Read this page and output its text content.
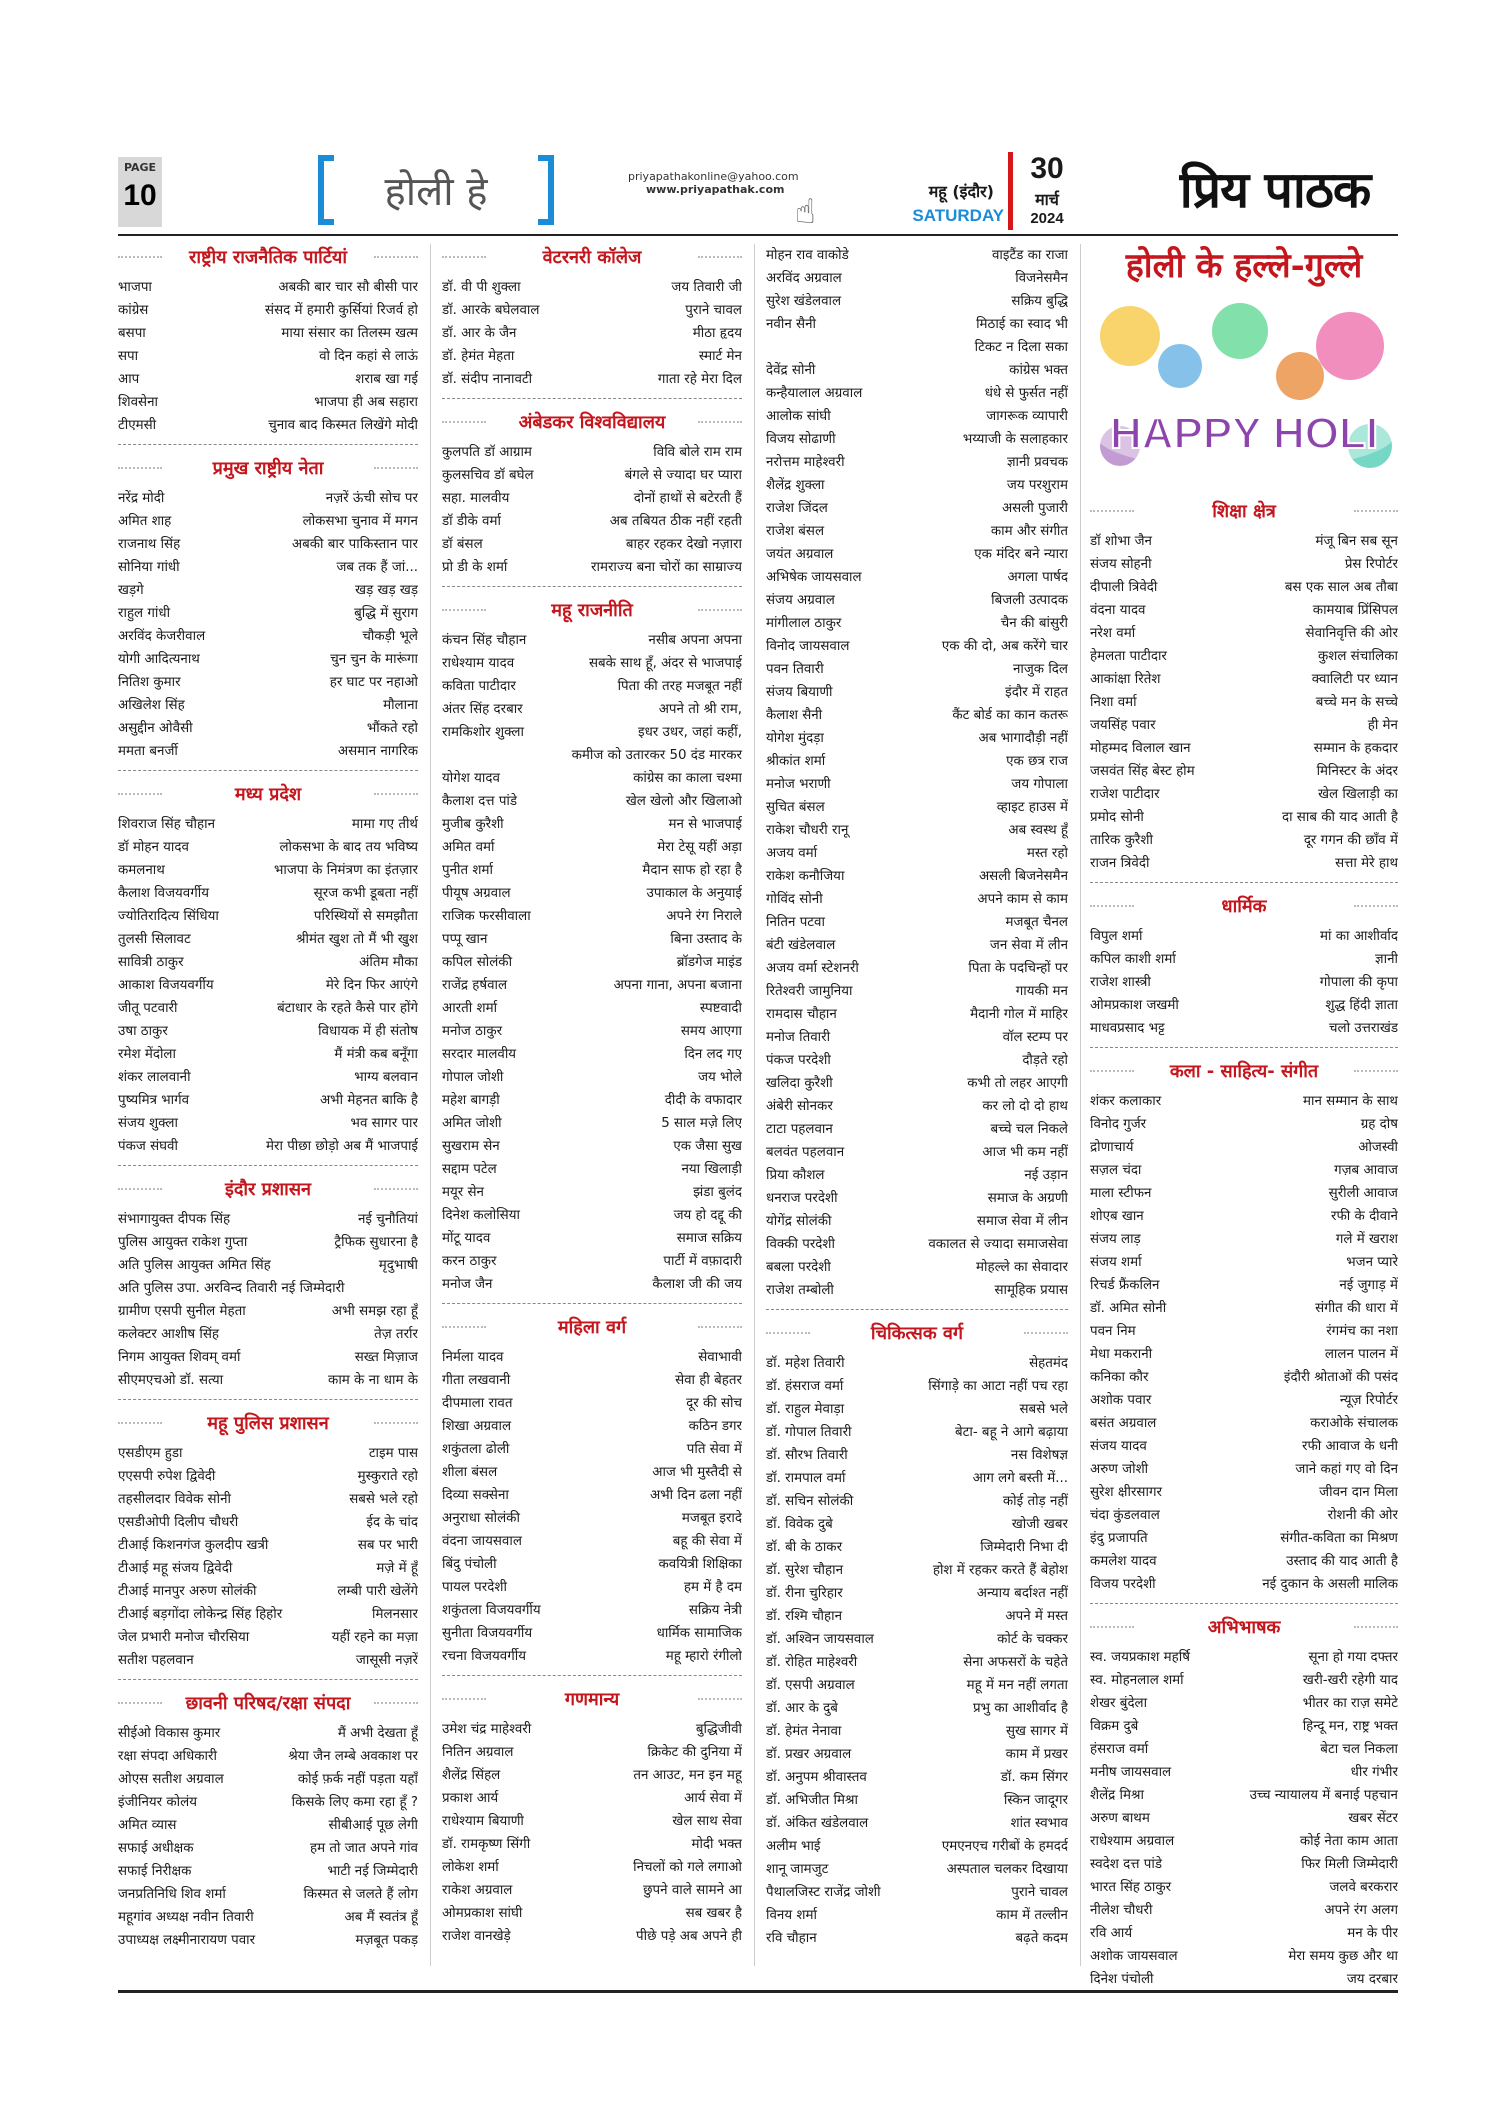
PAGE
10	होली हे	priyapathakonline@yahoo.com
www.priyapathak.com
☝
महू (इंदौर)
SATURDAY
30
मार्च
2024	प्रिय पाठक
राष्ट्रीय राजनैतिक पार्टियां
भाजपा	अबकी बार चार सौ बीसी पार
कांग्रेस	संसद में हमारी कुर्सियां रिजर्व हो
बसपा	माया संसार का तिलस्म खत्म
सपा	वो दिन कहां से लाऊं
आप	शराब खा गई
शिवसेना	भाजपा ही अब सहारा
टीएमसी	चुनाव बाद किस्मत लिखेंगे मोदी
प्रमुख राष्ट्रीय नेता
नरेंद्र मोदी	नज़रें ऊंची सोच पर
अमित शाह	लोकसभा चुनाव में मगन
राजनाथ सिंह	अबकी बार पाकिस्तान पार
सोनिया गांधी	जब तक हैं जां...
खड़गे	खड़ खड़ खड़
राहुल गांधी	बुद्धि में सुराग
अरविंद केजरीवाल	चौकड़ी भूले
योगी आदित्यनाथ	चुन चुन के मारूंगा
नितिश कुमार	हर घाट पर नहाओ
अखिलेश सिंह	मौलाना
असुद्दीन ओवैसी	भौंकते रहो
ममता बनर्जी	असमान नागरिक
मध्य प्रदेश
शिवराज सिंह चौहान	मामा गए तीर्थ
डॉ मोहन यादव	लोकसभा के बाद तय भविष्य
कमलनाथ	भाजपा के निमंत्रण का इंतज़ार
कैलाश विजयवर्गीय	सूरज कभी डूबता नहीं
ज्योतिरादित्य सिंधिया	परिस्थियों से समझौता
तुलसी सिलावट	श्रीमंत खुश तो मैं भी खुश
सावित्री ठाकुर	अंतिम मौका
आकाश विजयवर्गीय	मेरे दिन फिर आएंगे
जीतू पटवारी	बंटाधार के रहते कैसे पार होंगे
उषा ठाकुर	विधायक में ही संतोष
रमेश मेंदोला	मैं मंत्री कब बनूँगा
शंकर लालवानी	भाग्य बलवान
पुष्यमित्र भार्गव	अभी मेहनत बाकि है
संजय शुक्ला	भव सागर पार
पंकज संघवी	मेरा पीछा छोड़ो अब मैं भाजपाई
इंदौर प्रशासन
संभागायुक्त दीपक सिंह	नई चुनौतियां
पुलिस आयुक्त राकेश गुप्ता	ट्रैफिक सुधारना है
अति पुलिस आयुक्त अमित सिंह	मृदुभाषी
अति पुलिस उपा. अरविन्द तिवारी नई जिम्मेदारी
ग्रामीण एसपी सुनील मेहता	अभी समझ रहा हूँ
कलेक्टर आशीष सिंह	तेज़ तर्रार
निगम आयुक्त शिवम् वर्मा	सख्त मिज़ाज
सीएमएचओ डॉ. सत्या	काम के ना धाम के
महू पुलिस प्रशासन
एसडीएम हुडा	टाइम पास
एएसपी रुपेश द्विवेदी	मुस्कुराते रहो
तहसीलदार विवेक सोनी	सबसे भले रहो
एसडीओपी दिलीप चौधरी	ईद के चांद
टीआई किशनगंज कुलदीप खत्री	सब पर भारी
टीआई महू संजय द्विवेदी	मज़े में हूँ
टीआई मानपुर अरुण सोलंकी	लम्बी पारी खेलेंगे
टीआई बड़गोंदा लोकेन्द्र सिंह हिहोर	मिलनसार
जेल प्रभारी मनोज चौरसिया	यहीं रहने का मज़ा
सतीश पहलवान	जासूसी नज़रें
छावनी परिषद/रक्षा संपदा
सीईओ विकास कुमार	मैं अभी देखता हूँ
रक्षा संपदा अधिकारी	श्रेया जैन लम्बे अवकाश पर
ओएस सतीश अग्रवाल	कोई फ़र्क नहीं पड़ता यहाँ
इंजीनियर कोलंय	किसके लिए कमा रहा हूँ ?
अमित व्यास	सीबीआई पूछ लेगी
सफाई अधीक्षक	हम तो जात अपने गांव
सफाई निरीक्षक	भाटी नई जिम्मेदारी
जनप्रतिनिधि शिव शर्मा	किस्मत से जलते हैं लोग
महूगांव अध्यक्ष नवीन तिवारी	अब मैं स्वतंत्र हूँ
उपाध्यक्ष लक्ष्मीनारायण पवार	मज़बूत पकड़
वेटरनरी कॉलेज
डॉ. वी पी शुक्ला	जय तिवारी जी
डॉ. आरके बघेलवाल	पुराने चावल
डॉ. आर के जैन	मीठा हृदय
डॉ. हेमंत मेहता	स्मार्ट मेन
डॉ. संदीप नानावटी	गाता रहे मेरा दिल
अंबेडकर विश्वविद्यालय
कुलपति डॉ आग्राम	विवि बोले राम राम
कुलसचिव डॉ बघेल	बंगले से ज्यादा घर प्यारा
सहा. मालवीय	दोनों हाथों से बटेरती हैं
डॉ डीके वर्मा	अब तबियत ठीक नहीं रहती
डॉ बंसल	बाहर रहकर देखो नज़ारा
प्रो डी के शर्मा	रामराज्य बना चोरों का साम्राज्य
महू राजनीति
कंचन सिंह चौहान	नसीब अपना अपना
राधेश्याम यादव	सबके साथ हूँ, अंदर से भाजपाई
कविता पाटीदार	पिता की तरह मजबूत नहीं
अंतर सिंह दरबार	अपने तो श्री राम,
रामकिशोर शुक्ला	इधर उधर, जहां कहीं,
कमीज को उतारकर 50 दंड मारकर
योगेश यादव	कांग्रेस का काला चश्मा
कैलाश दत्त पांडे	खेल खेलो और खिलाओ
मुजीब कुरैशी	मन से भाजपाई
अमित वर्मा	मेरा टेसू यहीं अड़ा
पुनीत शर्मा	मैदान साफ हो रहा है
पीयूष अग्रवाल	उपाकाल के अनुयाई
राजिक फरसीवाला	अपने रंग निराले
पप्पू खान	बिना उस्ताद के
कपिल सोलंकी	ब्रॉडगेज माइंड
राजेंद्र हर्षवाल	अपना गाना, अपना बजाना
आरती शर्मा	स्पष्टवादी
मनोज ठाकुर	समय आएगा
सरदार मालवीय	दिन लद गए
गोपाल जोशी	जय भोले
महेश बागड़ी	दीदी के वफादार
अमित जोशी	5 साल मज़े लिए
सुखराम सेन	एक जैसा सुख
सद्दाम पटेल	नया खिलाड़ी
मयूर सेन	झंडा बुलंद
दिनेश कलोसिया	जय हो दद्दू की
मोंटू यादव	समाज सक्रिय
करन ठाकुर	पार्टी में वफ़ादारी
मनोज जैन	कैलाश जी की जय
महिला वर्ग
निर्मला यादव	सेवाभावी
गीता लखवानी	सेवा ही बेहतर
दीपमाला रावत	दूर की सोच
शिखा अग्रवाल	कठिन डगर
शकुंतला ढोली	पति सेवा में
शीला बंसल	आज भी मुस्तैदी से
दिव्या सक्सेना	अभी दिन ढला नहीं
अनुराधा सोलंकी	मजबूत इरादे
वंदना जायसवाल	बहू की सेवा में
बिंदु पंचोली	कवयित्री शिक्षिका
पायल परदेशी	हम में है दम
शकुंतला विजयवर्गीय	सक्रिय नेत्री
सुनीता विजयवर्गीय	धार्मिक सामाजिक
रचना विजयवर्गीय	महू म्हारो रंगीलो
गणमान्य
उमेश चंद्र माहेश्वरी	बुद्धिजीवी
नितिन अग्रवाल	क्रिकेट की दुनिया में
शैलेंद्र सिंहल	तन आउट, मन इन महू
प्रकाश आर्य	आर्य सेवा में
राधेश्याम बियाणी	खेल साथ सेवा
डॉ. रामकृष्ण सिंगी	मोदी भक्त
लोकेश शर्मा	निचलों को गले लगाओ
राकेश अग्रवाल	छुपने वाले सामने आ
ओमप्रकाश सांघी	सब खबर है
राजेश वानखेड़े	पीछे पड़े अब अपने ही
मोहन राव वाकोडे	वाइटैंड का राजा
अरविंद अग्रवाल	विजनेसमैन
सुरेश खंडेलवाल	सक्रिय बुद्धि
नवीन सैनी	मिठाई का स्वाद भी
टिकट न दिला सका
देवेंद्र सोनी	कांग्रेस भक्त
कन्हैयालाल अग्रवाल	धंधे से फुर्सत नहीं
आलोक सांघी	जागरूक व्यापारी
विजय सोढाणी	भय्याजी के सलाहकार
नरोत्तम माहेश्वरी	ज्ञानी प्रवचक
शैलेंद्र शुक्ला	जय परशुराम
राजेश जिंदल	असली पुजारी
राजेश बंसल	काम और संगीत
जयंत अग्रवाल	एक मंदिर बने न्यारा
अभिषेक जायसवाल	अगला पार्षद
संजय अग्रवाल	बिजली उत्पादक
मांगीलाल ठाकुर	चैन की बांसुरी
विनोद जायसवाल	एक की दो, अब करेंगे चार
पवन तिवारी	नाजुक दिल
संजय बियाणी	इंदौर में राहत
कैलाश सैनी	कैंट बोर्ड का कान कतरू
योगेश मुंदड़ा	अब भागादौड़ी नहीं
श्रीकांत शर्मा	एक छत्र राज
मनोज भराणी	जय गोपाला
सुचित बंसल	व्हाइट हाउस में
राकेश चौधरी रानू	अब स्वस्थ हूँ
अजय वर्मा	मस्त रहो
राकेश कनौजिया	असली बिजनेसमैन
गोविंद सोनी	अपने काम से काम
नितिन पटवा	मजबूत चैनल
बंटी खंडेलवाल	जन सेवा में लीन
अजय वर्मा स्टेशनरी	पिता के पदचिन्हों पर
रितेश्वरी जामुनिया	गायकी मन
रामदास चौहान	मैदानी गोल में माहिर
मनोज तिवारी	वॉल स्टम्प पर
पंकज परदेशी	दौड़ते रहो
खलिदा कुरैशी	कभी तो लहर आएगी
अंबेरी सोनकर	कर लो दो दो हाथ
टाटा पहलवान	बच्चे चल निकले
बलवंत पहलवान	आज भी कम नहीं
प्रिया कौशल	नई उड़ान
धनराज परदेशी	समाज के अग्रणी
योगेंद्र सोलंकी	समाज सेवा में लीन
विक्की परदेशी	वकालत से ज्यादा समाजसेवा
बबला परदेशी	मोहल्ले का सेवादार
राजेश तम्बोली	सामूहिक प्रयास
चिकित्सक वर्ग
डॉ. महेश तिवारी	सेहतमंद
डॉ. हंसराज वर्मा	सिंगाड़े का आटा नहीं पच रहा
डॉ. राहुल मेवाड़ा	सबसे भले
डॉ. गोपाल तिवारी	बेटा- बहू ने आगे बढ़ाया
डॉ. सौरभ तिवारी	नस विशेषज्ञ
डॉ. रामपाल वर्मा	आग लगे बस्ती में...
डॉ. सचिन सोलंकी	कोई तोड़ नहीं
डॉ. विवेक दुबे	खोजी खबर
डॉ. बी के ठाकर	जिम्मेदारी निभा दी
डॉ. सुरेश चौहान	होश में रहकर करते हैं बेहोश
डॉ. रीना चुरिहार	अन्याय बर्दाश्त नहीं
डॉ. रश्मि चौहान	अपने में मस्त
डॉ. अश्विन जायसवाल	कोर्ट के चक्कर
डॉ. रोहित माहेश्वरी	सेना अफसरों के चहेते
डॉ. एसपी अग्रवाल	महू में मन नहीं लगता
डॉ. आर के दुबे	प्रभु का आशीर्वाद है
डॉ. हेमंत नेनावा	सुख सागर में
डॉ. प्रखर अग्रवाल	काम में प्रखर
डॉ. अनुपम श्रीवास्तव	डॉ. कम सिंगर
डॉ. अभिजीत मिश्रा	स्किन जादूगर
डॉ. अंकित खंडेलवाल	शांत स्वभाव
अलीम भाई	एमएनएच गरीबों के हमदर्द
शानू जामजुट	अस्पताल चलकर दिखाया
पैथालजिस्ट राजेंद्र जोशी	पुराने चावल
विनय शर्मा	काम में तल्लीन
रवि चौहान	बढ़ते कदम
होली के हल्ले-गुल्ले
HAPPY HOLI
शिक्षा क्षेत्र
डॉ शोभा जैन	मंजू बिन सब सून
संजय सोहनी	प्रेस रिपोर्टर
दीपाली त्रिवेदी	बस एक साल अब तौबा
वंदना यादव	कामयाब प्रिंसिपल
नरेश वर्मा	सेवानिवृत्ति की ओर
हेमलता पाटीदार	कुशल संचालिका
आकांक्षा रितेश	क्वालिटी पर ध्यान
निशा वर्मा	बच्चे मन के सच्चे
जयसिंह पवार	ही मेन
मोहम्मद विलाल खान	सम्मान के हकदार
जसवंत सिंह बेस्ट होम	मिनिस्टर के अंदर
राजेश पाटीदार	खेल खिलाड़ी का
प्रमोद सोनी	दा साब की याद आती है
तारिक कुरैशी	दूर गगन की छाँव में
राजन त्रिवेदी	सत्ता मेरे हाथ
धार्मिक
विपुल शर्मा	मां का आशीर्वाद
कपिल काशी शर्मा	ज्ञानी
राजेश शास्त्री	गोपाला की कृपा
ओमप्रकाश जखमी	शुद्ध हिंदी ज्ञाता
माधवप्रसाद भट्ट	चलो उत्तराखंड
कला - साहित्य- संगीत
शंकर कलाकार	मान सम्मान के साथ
विनोद गुर्जर	ग्रह दोष
द्रोणाचार्य	ओजस्वी
सज़ल चंदा	गज़ब आवाज
माला स्टीफन	सुरीली आवाज
शोएब खान	रफी के दीवाने
संजय लाड़	गले में खराश
संजय शर्मा	भजन प्यारे
रिचर्ड फ्रैंकलिन	नई जुगाड़ में
डॉ. अमित सोनी	संगीत की धारा में
पवन निम	रंगमंच का नशा
मेधा मकरानी	लालन पालन में
कनिका कौर	इंदौरी श्रोताओं की पसंद
अशोक पवार	न्यूज़ रिपोर्टर
बसंत अग्रवाल	कराओके संचालक
संजय यादव	रफी आवाज के धनी
अरुण जोशी	जाने कहां गए वो दिन
सुरेश क्षीरसागर	जीवन दान मिला
चंदा कुंडलवाल	रोशनी की ओर
इंदु प्रजापति	संगीत-कविता का मिश्रण
कमलेश यादव	उस्ताद की याद आती है
विजय परदेशी	नई दुकान के असली मालिक
अभिभाषक
स्व. जयप्रकाश महर्षि	सूना हो गया दफ्तर
स्व. मोहनलाल शर्मा	खरी-खरी रहेगी याद
शेखर बुंदेला	भीतर का राज़ समेटे
विक्रम दुबे	हिन्दू मन, राष्ट्र भक्त
हंसराज वर्मा	बेटा चल निकला
मनीष जायसवाल	धीर गंभीर
शैलेंद्र मिश्रा	उच्च न्यायालय में बनाई पहचान
अरुण बाथम	खबर सेंटर
राधेश्याम अग्रवाल	कोई नेता काम आता
स्वदेश दत्त पांडे	फिर मिली जिम्मेदारी
भारत सिंह ठाकुर	जलवे बरकरार
नीलेश चौधरी	अपने रंग अलग
रवि आर्य	मन के पीर
अशोक जायसवाल	मेरा समय कुछ और था
दिनेश पंचोली	जय दरबार
